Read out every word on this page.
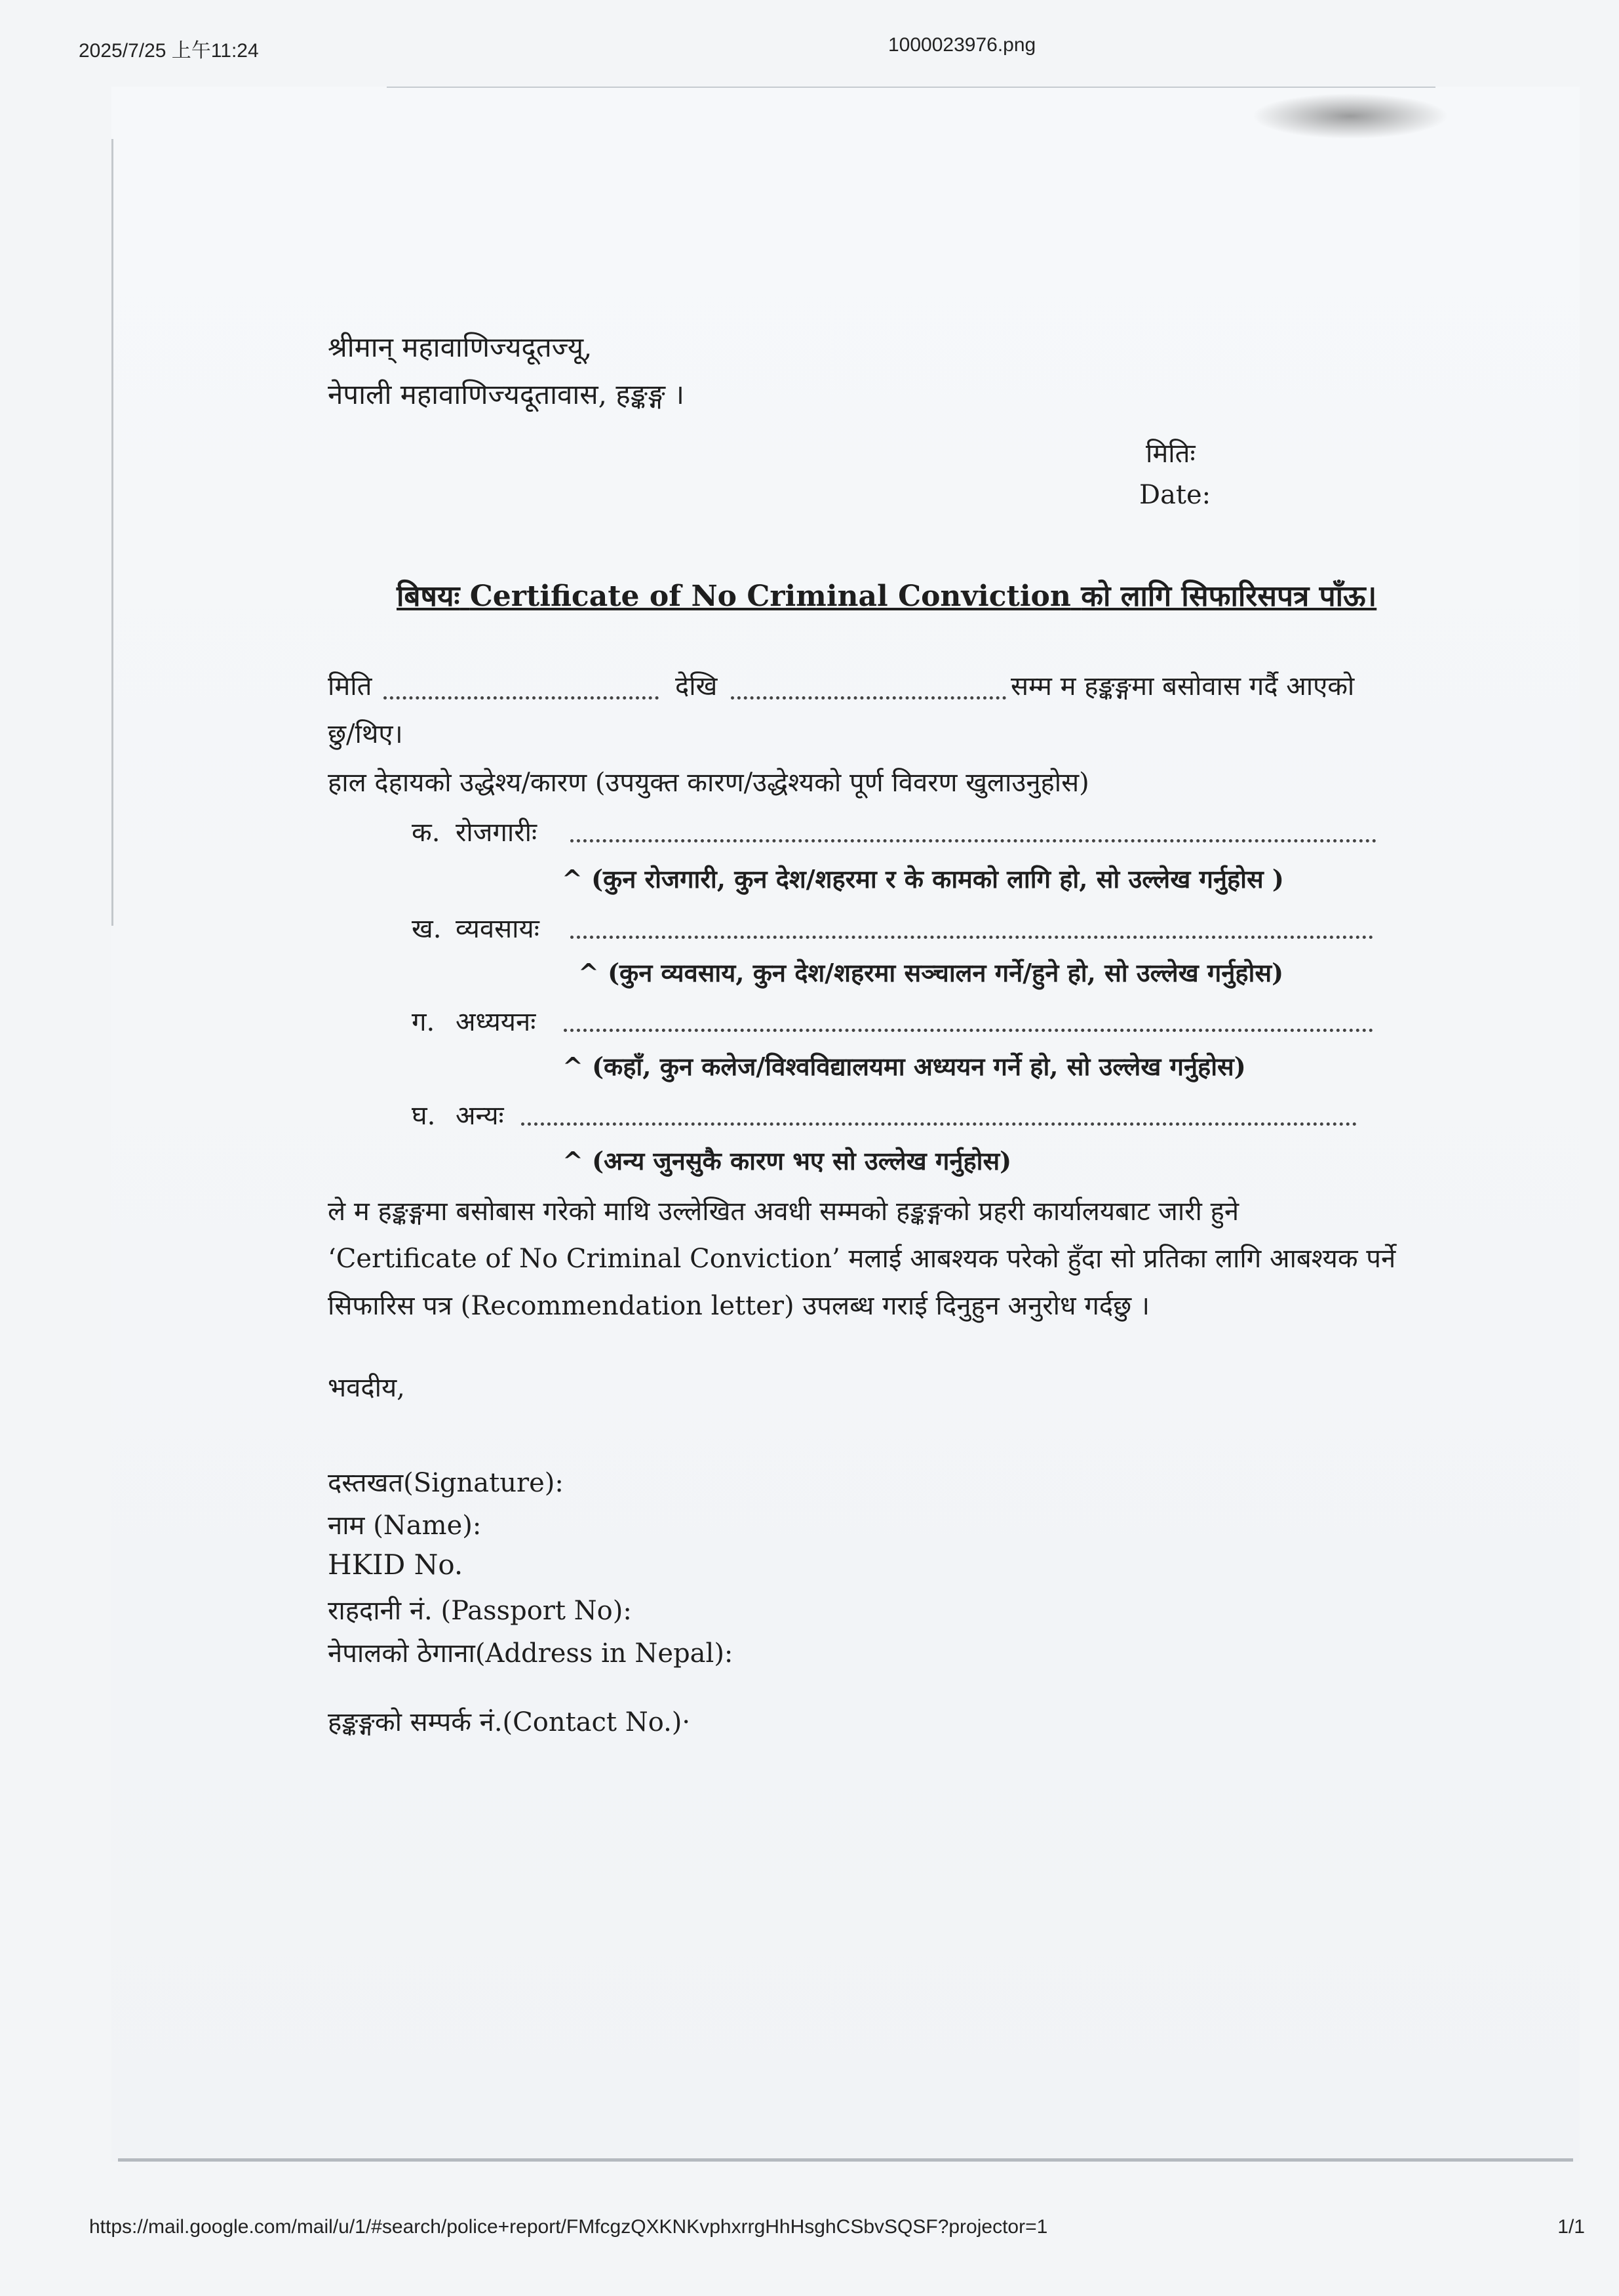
2025/7/25 上午11:24	1000023976.png
श्रीमान् महावाणिज्यदूतज्यू,
नेपाली महावाणिज्यदूतावास, हङ्कङ्ग ।
मितिः
Date:
बिषयः Certificate of No Criminal Conviction को लागि सिफारिसपत्र पाँऊ।
मिति	देखि	सम्म म हङ्कङ्गमा बसोवास गर्दै आएको
छु/थिए।
हाल देहायको उद्धेश्य/कारण (उपयुक्त कारण/उद्धेश्यको पूर्ण विवरण खुलाउनुहोस)
क. रोजगारीः
^ (कुन रोजगारी, कुन देश/शहरमा र के कामको लागि हो, सो उल्लेख गर्नुहोस )
ख. व्यवसायः
^ (कुन व्यवसाय, कुन देश/शहरमा सञ्चालन गर्ने/हुने हो, सो उल्लेख गर्नुहोस)
ग. अध्ययनः
^ (कहाँ, कुन कलेज/विश्वविद्यालयमा अध्ययन गर्ने हो, सो उल्लेख गर्नुहोस)
घ. अन्यः
^ (अन्य जुनसुकै कारण भए सो उल्लेख गर्नुहोस)
ले म हङ्कङ्गमा बसोबास गरेको माथि उल्लेखित अवधी सम्मको हङ्कङ्गको प्रहरी कार्यालयबाट जारी हुने
‘Certificate of No Criminal Conviction’ मलाई आबश्यक परेको हुँदा सो प्रतिका लागि आबश्यक पर्ने
सिफारिस पत्र (Recommendation letter) उपलब्ध गराई दिनुहुन अनुरोध गर्दछु ।
भवदीय,
दस्तखत(Signature):
नाम (Name):
HKID No.
राहदानी नं. (Passport No):
नेपालको ठेगाना(Address in Nepal):
हङ्कङ्गको सम्पर्क नं.(Contact No.)·
https://mail.google.com/mail/u/1/#search/police+report/FMfcgzQXKNKvphxrrgHhHsghCSbvSQSF?projector=1	1/1
